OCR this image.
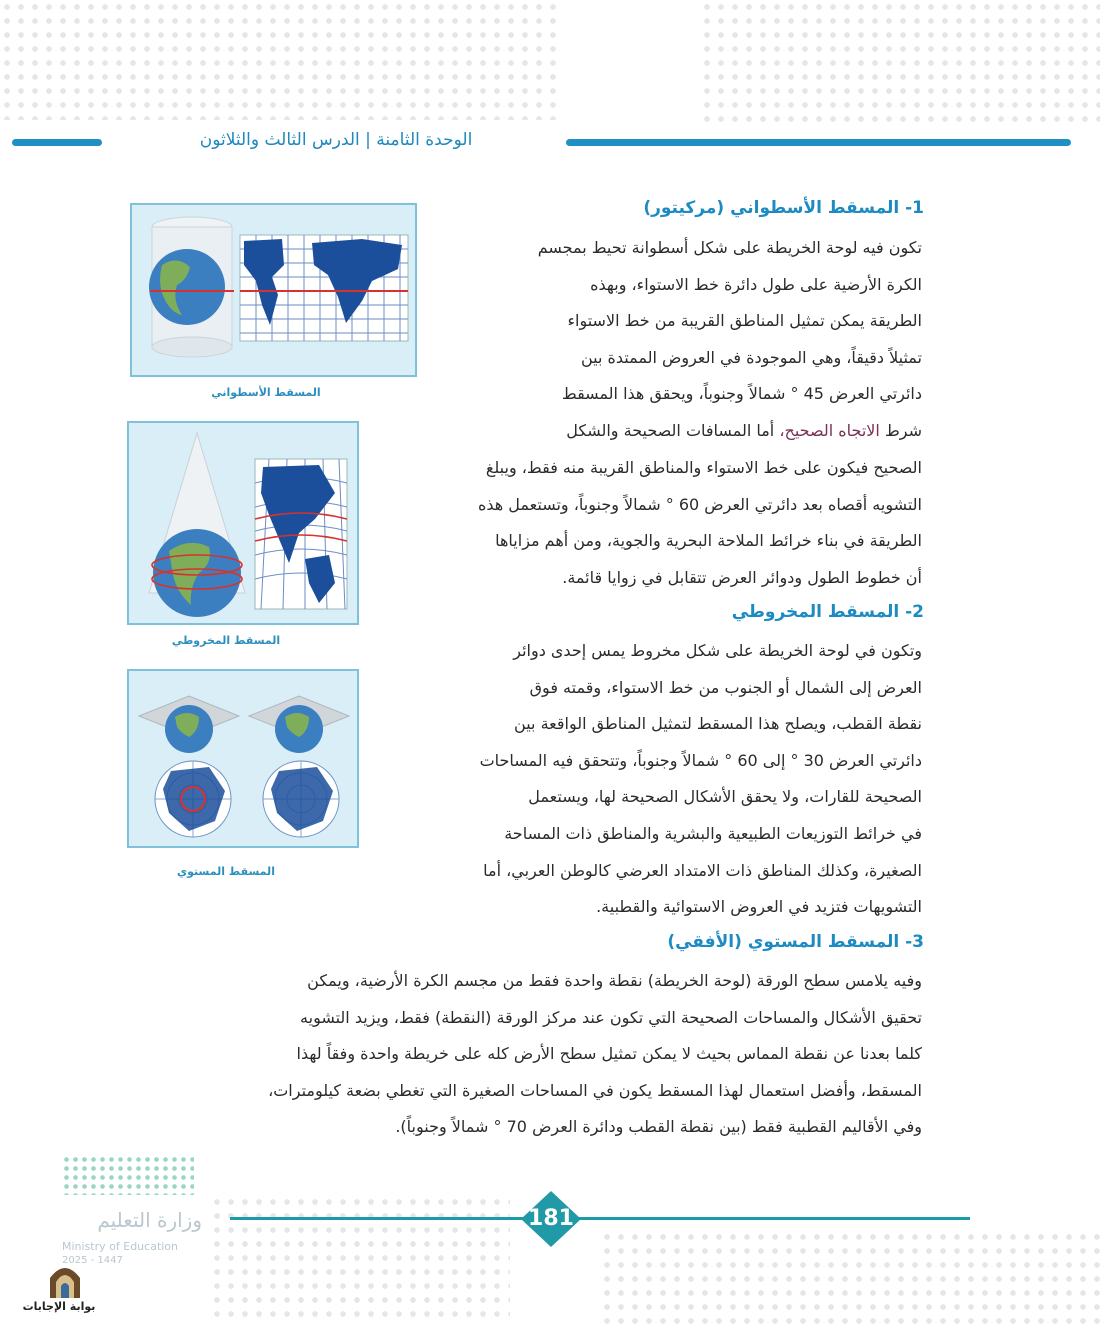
الوحدة الثامنة | الدرس الثالث والثلاثون
1- المسقط الأسطواني (مركيتور)
تكون فيه لوحة الخريطة على شكل أسطوانة تحيط بمجسم
الكرة الأرضية على طول دائرة خط الاستواء، وبهذه
الطريقة يمكن تمثيل المناطق القريبة من خط الاستواء
تمثيلاً دقيقاً، وهي الموجودة في العروض الممتدة بين
دائرتي العرض 45 ° شمالاً وجنوباً، ويحقق هذا المسقط
شرط الاتجاه الصحيح، أما المسافات الصحيحة والشكل
الصحيح فيكون على خط الاستواء والمناطق القريبة منه فقط، ويبلغ
التشويه أقصاه بعد دائرتي العرض 60 ° شمالاً وجنوباً، وتستعمل هذه
الطريقة في بناء خرائط الملاحة البحرية والجوية، ومن أهم مزاياها
أن خطوط الطول ودوائر العرض تتقابل في زوايا قائمة.
2- المسقط المخروطي
وتكون في لوحة الخريطة على شكل مخروط يمس إحدى دوائر
العرض إلى الشمال أو الجنوب من خط الاستواء، وقمته فوق
نقطة القطب، ويصلح هذا المسقط لتمثيل المناطق الواقعة بين
دائرتي العرض 30 ° إلى 60 ° شمالاً وجنوباً، وتتحقق فيه المساحات
الصحيحة للقارات، ولا يحقق الأشكال الصحيحة لها، ويستعمل
في خرائط التوزيعات الطبيعية والبشرية والمناطق ذات المساحة
الصغيرة، وكذلك المناطق ذات الامتداد العرضي كالوطن العربي، أما
التشويهات فتزيد في العروض الاستوائية والقطبية.
3- المسقط المستوي (الأفقي)
وفيه يلامس سطح الورقة (لوحة الخريطة) نقطة واحدة فقط من مجسم الكرة الأرضية، ويمكن
تحقيق الأشكال والمساحات الصحيحة التي تكون عند مركز الورقة (النقطة) فقط، ويزيد التشويه
كلما بعدنا عن نقطة المماس بحيث لا يمكن تمثيل سطح الأرض كله على خريطة واحدة وفقاً لهذا
المسقط، وأفضل استعمال لهذا المسقط يكون في المساحات الصغيرة التي تغطي بضعة كيلومترات،
وفي الأقاليم القطبية فقط (بين نقطة القطب ودائرة العرض 70 ° شمالاً وجنوباً).
المسقط الأسطواني
المسقط المخروطي
المسقط المستوي
وزارة التعليم
Ministry of Education
2025 - 1447
181
بوابة الإجابات
